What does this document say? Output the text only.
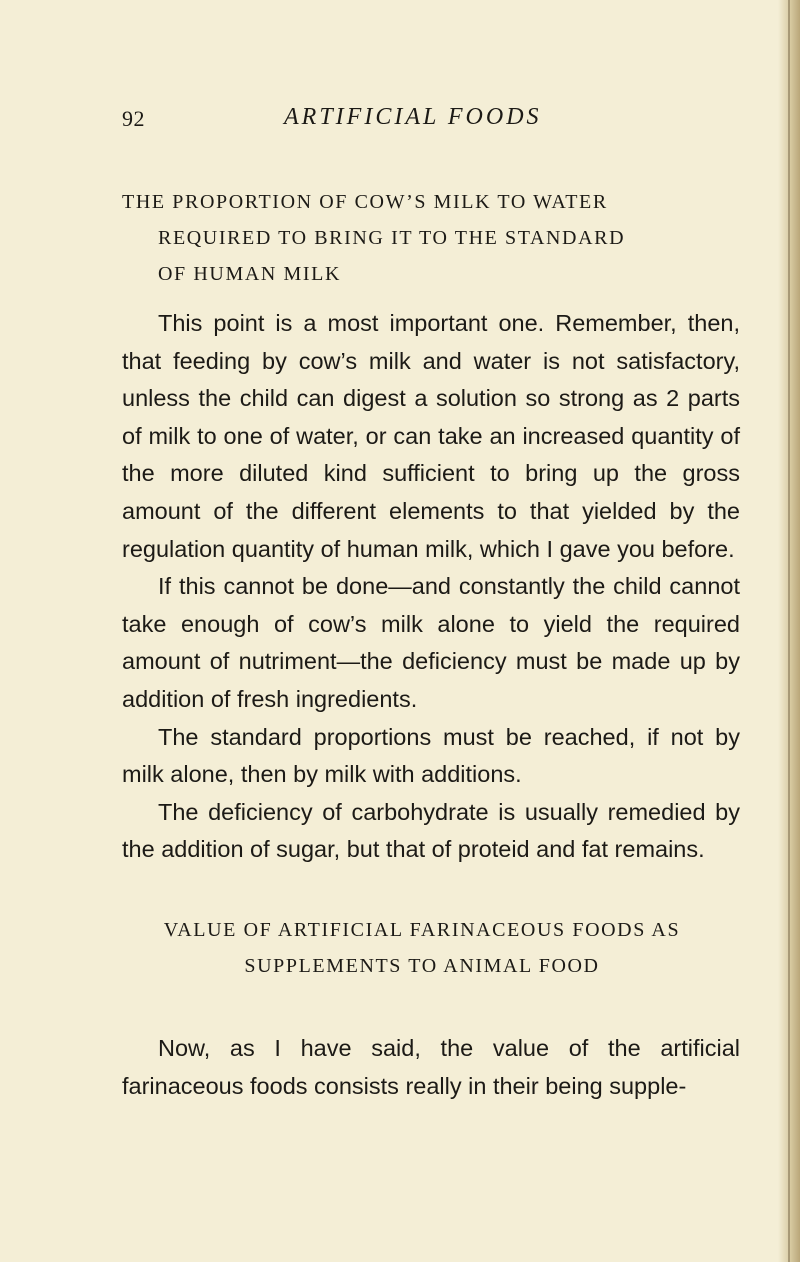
92	ARTIFICIAL FOODS
THE PROPORTION OF COW’S MILK TO WATER
REQUIRED TO BRING IT TO THE STANDARD
OF HUMAN MILK

This point is a most important one. Remember, then, that feeding by cow’s milk and water is not satisfactory, unless the child can digest a solution so strong as 2 parts of milk to one of water, or can take an increased quantity of the more diluted kind sufficient to bring up the gross amount of the different elements to that yielded by the regulation quantity of human milk, which I gave you before.

If this cannot be done—and constantly the child cannot take enough of cow’s milk alone to yield the required amount of nutriment—the deficiency must be made up by addition of fresh ingredients.

The standard proportions must be reached, if not by milk alone, then by milk with additions.

The deficiency of carbohydrate is usually remedied by the addition of sugar, but that of proteid and fat remains.

VALUE OF ARTIFICIAL FARINACEOUS FOODS AS
SUPPLEMENTS TO ANIMAL FOOD

Now, as I have said, the value of the artificial farinaceous foods consists really in their being supple-
